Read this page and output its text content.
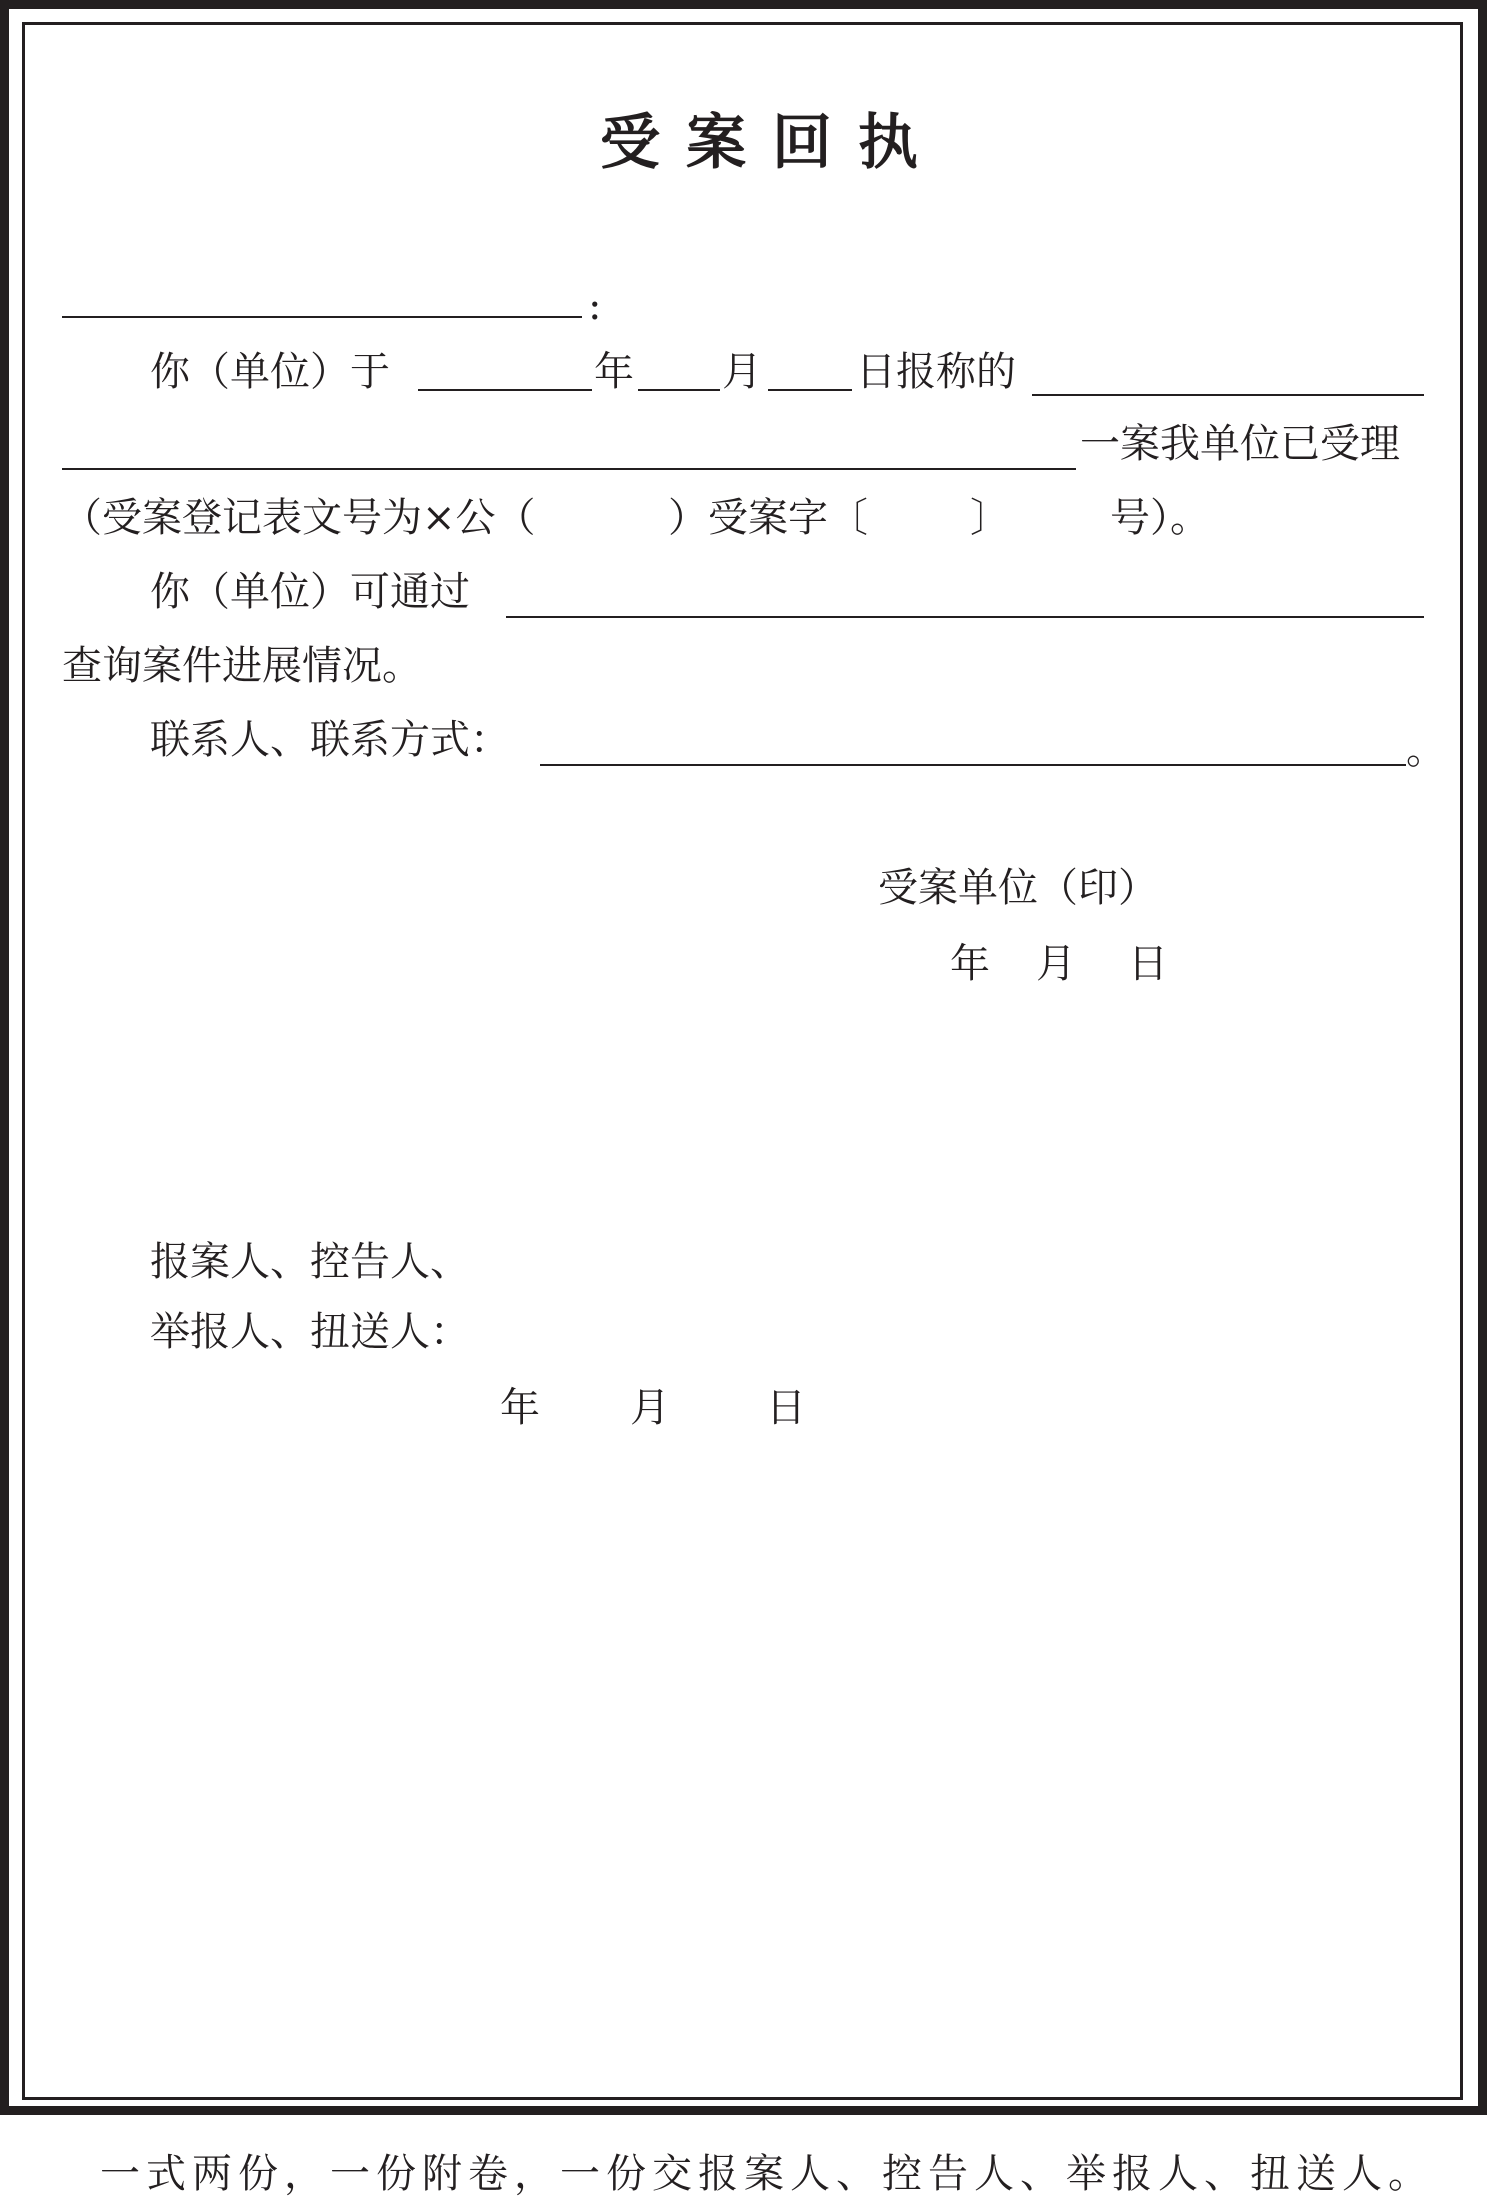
受案回执
:
你（单位）于	年 月 日报称的
一案我单位已受理
（受案登记表文号为×公（	）受案字〔	〕	号）。
你（单位）可通过
查询案件进展情况。
联系人、联系方式：	。
受案单位（印）
年 月 日
报案人、控告人、
举报人、扭送人：
年 月 日
一式两份，一份附卷，一份交报案人、控告人、举报人、扭送人。
